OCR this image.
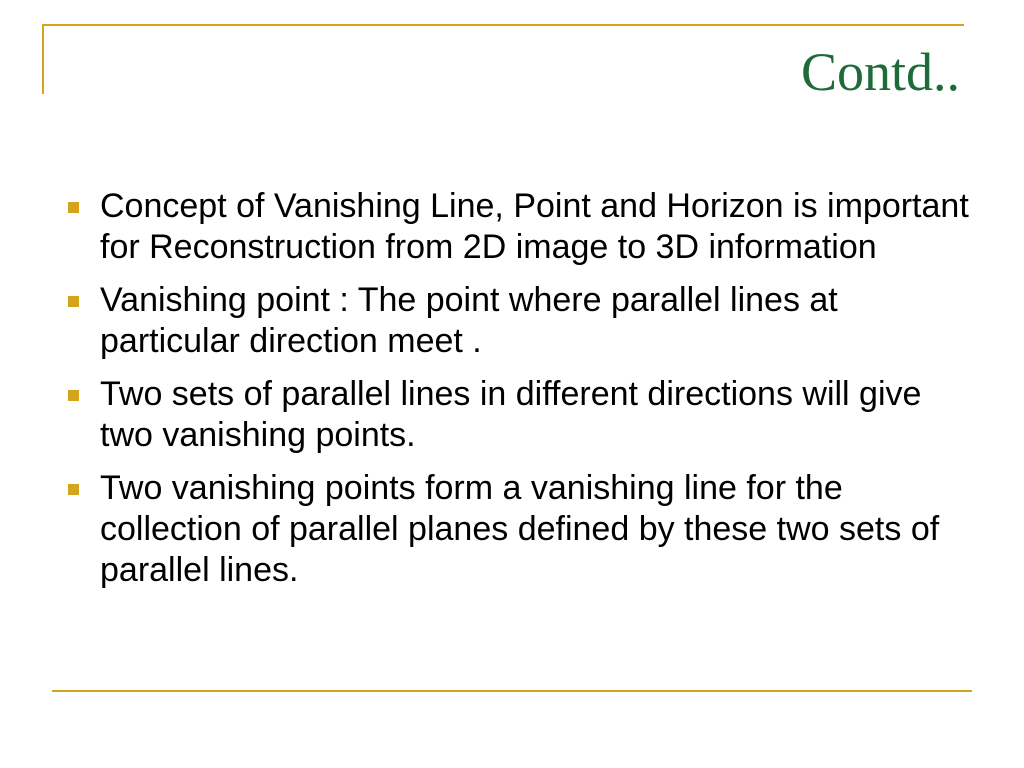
Contd..
Concept of Vanishing Line, Point and Horizon is important for Reconstruction from 2D image to 3D information
Vanishing point : The point where parallel lines at particular direction meet .
Two sets of parallel lines in different directions will give two vanishing points.
Two vanishing points form a vanishing line for the collection of parallel planes defined by these two sets of parallel lines.
